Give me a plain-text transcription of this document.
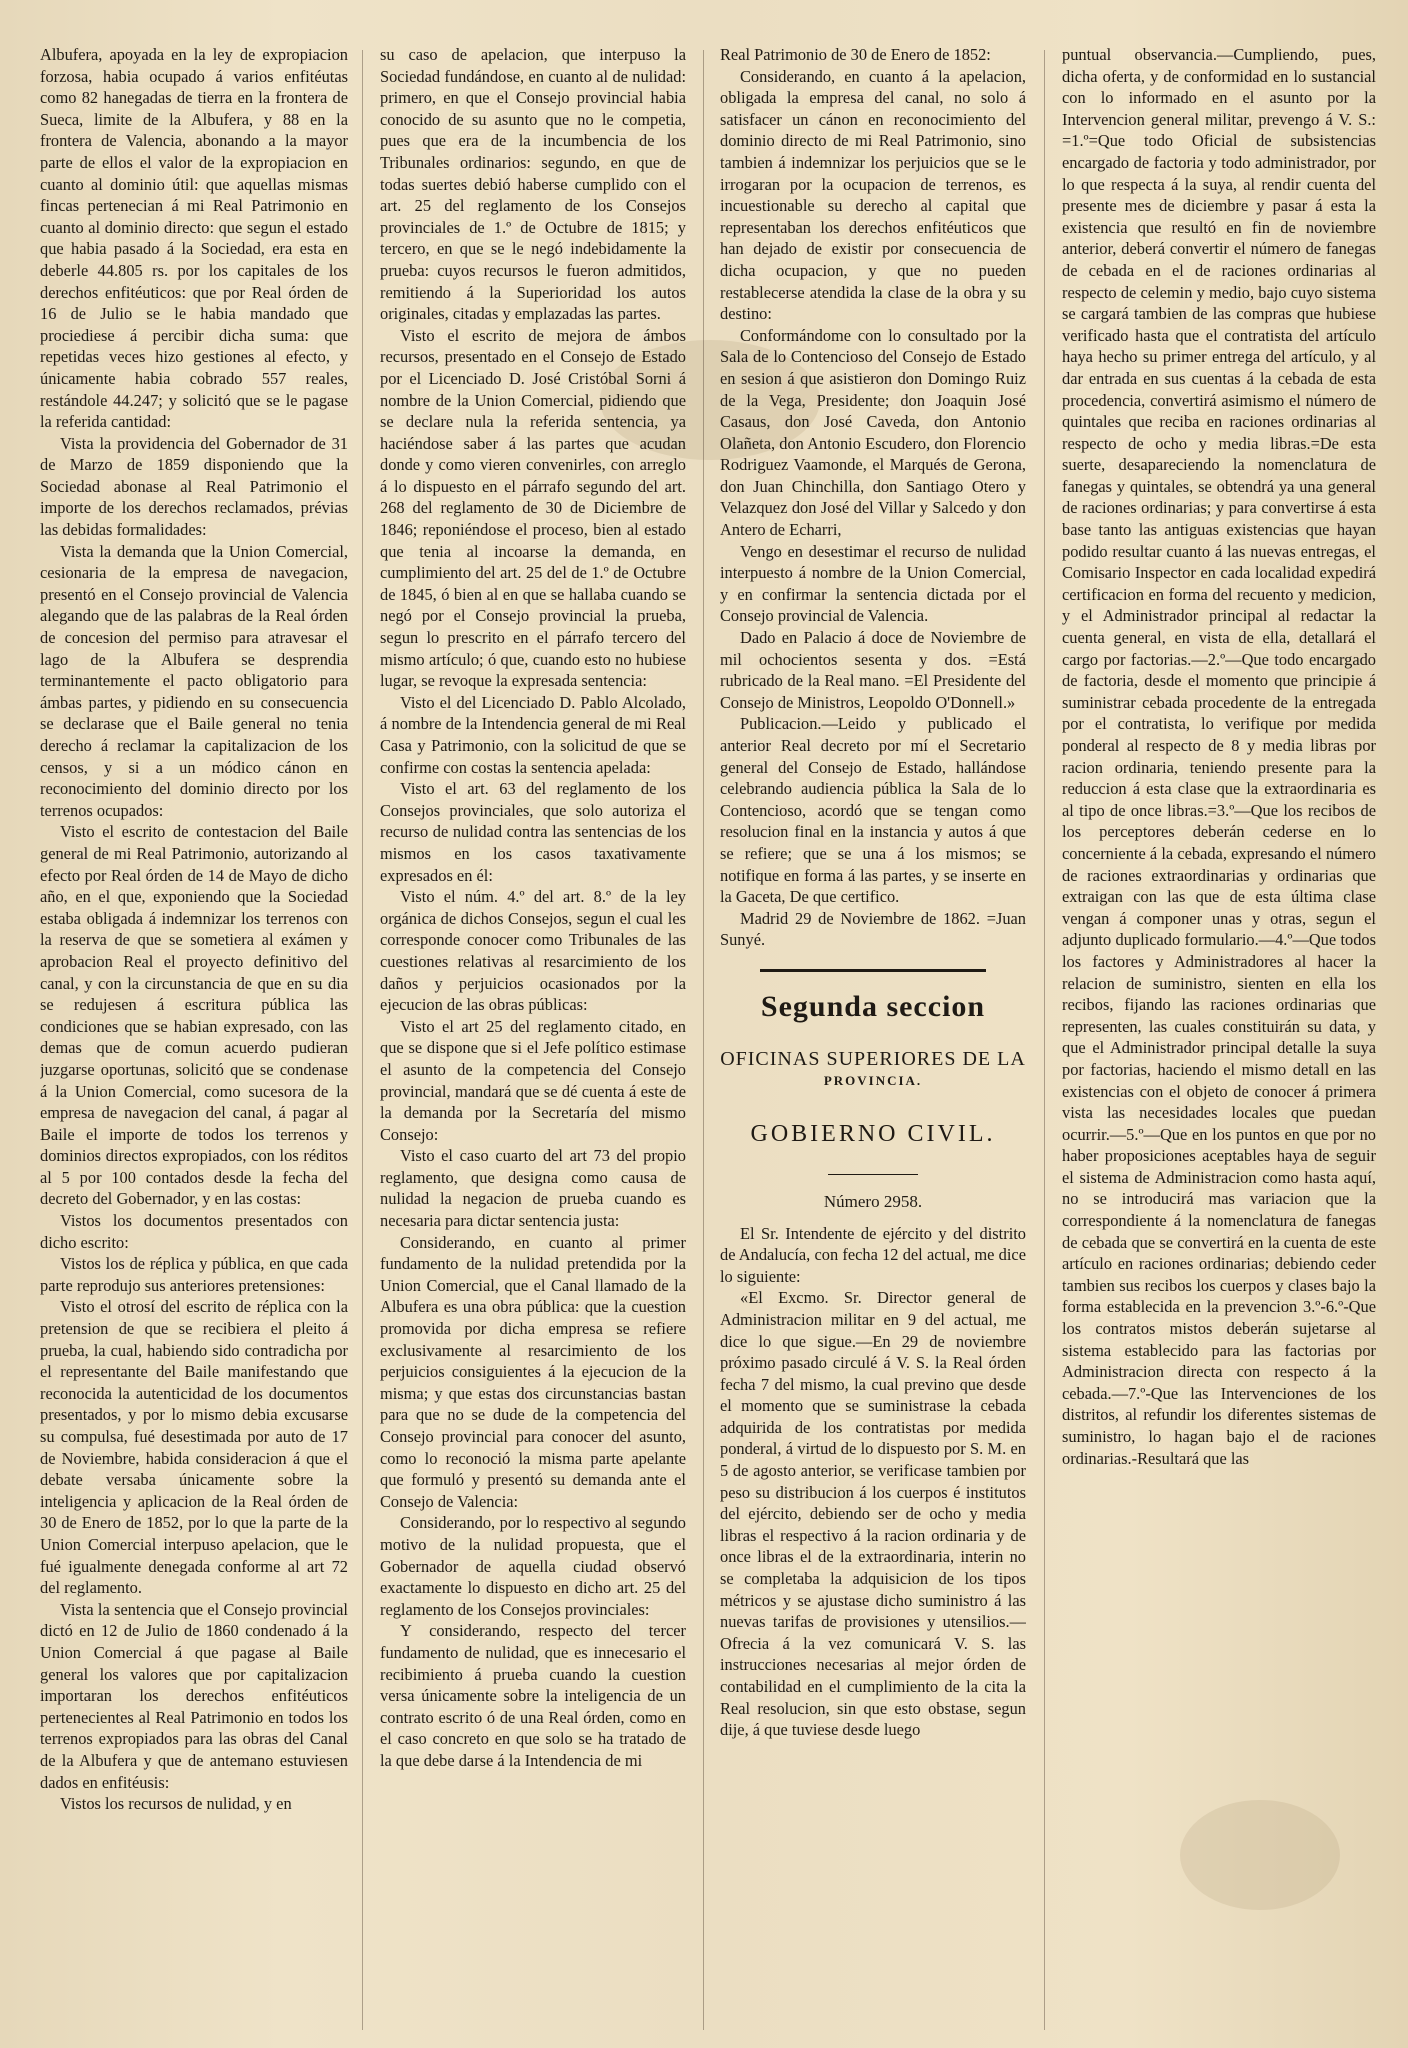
Albufera, apoyada en la ley de expropiacion forzosa, habia ocupado á varios enfitéutas como 82 hanegadas de tierra en la frontera de Sueca, limite de la Albufera, y 88 en la frontera de Valencia, abonando a la mayor parte de ellos el valor de la expropiacion en cuanto al dominio útil: que aquellas mismas fincas pertenecian á mi Real Patrimonio en cuanto al dominio directo: que segun el estado que habia pasado á la Sociedad, era esta en deberle 44.805 rs. por los capitales de los derechos enfitéuticos: que por Real órden de 16 de Julio se le habia mandado que prociediese á percibir dicha suma: que repetidas veces hizo gestiones al efecto, y únicamente habia cobrado 557 reales, restándole 44.247; y solicitó que se le pagase la referida cantidad:

Vista la providencia del Gobernador de 31 de Marzo de 1859 disponiendo que la Sociedad abonase al Real Patrimonio el importe de los derechos reclamados, prévias las debidas formalidades:

Vista la demanda que la Union Comercial, cesionaria de la empresa de navegacion, presentó en el Consejo provincial de Valencia alegando que de las palabras de la Real órden de concesion del permiso para atravesar el lago de la Albufera se desprendia terminantemente el pacto obligatorio para ámbas partes, y pidiendo en su consecuencia se declarase que el Baile general no tenia derecho á reclamar la capitalizacion de los censos, y si a un módico cánon en reconocimiento del dominio directo por los terrenos ocupados:

Visto el escrito de contestacion del Baile general de mi Real Patrimonio, autorizando al efecto por Real órden de 14 de Mayo de dicho año, en el que, exponiendo que la Sociedad estaba obligada á indemnizar los terrenos con la reserva de que se sometiera al exámen y aprobacion Real el proyecto definitivo del canal, y con la circunstancia de que en su dia se redujesen á escritura pública las condiciones que se habian expresado, con las demas que de comun acuerdo pudieran juzgarse oportunas, solicitó que se condenase á la Union Comercial, como sucesora de la empresa de navegacion del canal, á pagar al Baile el importe de todos los terrenos y dominios directos expropiados, con los réditos al 5 por 100 contados desde la fecha del decreto del Gobernador, y en las costas:

Vistos los documentos presentados con dicho escrito:

Vistos los de réplica y pública, en que cada parte reprodujo sus anteriores pretensiones:

Visto el otrosí del escrito de réplica con la pretension de que se recibiera el pleito á prueba, la cual, habiendo sido contradicha por el representante del Baile manifestando que reconocida la autenticidad de los documentos presentados, y por lo mismo debia excusarse su compulsa, fué desestimada por auto de 17 de Noviembre, habida consideracion á que el debate versaba únicamente sobre la inteligencia y aplicacion de la Real órden de 30 de Enero de 1852, por lo que la parte de la Union Comercial interpuso apelacion, que le fué igualmente denegada conforme al art 72 del reglamento.

Vista la sentencia que el Consejo provincial dictó en 12 de Julio de 1860 condenado á la Union Comercial á que pagase al Baile general los valores que por capitalizacion importaran los derechos enfitéuticos pertenecientes al Real Patrimonio en todos los terrenos expropiados para las obras del Canal de la Albufera y que de antemano estuviesen dados en enfitéusis:

Vistos los recursos de nulidad, y en

su caso de apelacion, que interpuso la Sociedad fundándose, en cuanto al de nulidad: primero, en que el Consejo provincial habia conocido de su asunto que no le competia, pues que era de la incumbencia de los Tribunales ordinarios: segundo, en que de todas suertes debió haberse cumplido con el art. 25 del reglamento de los Consejos provinciales de 1.º de Octubre de 1815; y tercero, en que se le negó indebidamente la prueba: cuyos recursos le fueron admitidos, remitiendo á la Superioridad los autos originales, citadas y emplazadas las partes.

Visto el escrito de mejora de ámbos recursos, presentado en el Consejo de Estado por el Licenciado D. José Cristóbal Sorni á nombre de la Union Comercial, pidiendo que se declare nula la referida sentencia, ya haciéndose saber á las partes que acudan donde y como vieren convenirles, con arreglo á lo dispuesto en el párrafo segundo del art. 268 del reglamento de 30 de Diciembre de 1846; reponiéndose el proceso, bien al estado que tenia al incoarse la demanda, en cumplimiento del art. 25 del de 1.º de Octubre de 1845, ó bien al en que se hallaba cuando se negó por el Consejo provincial la prueba, segun lo prescrito en el párrafo tercero del mismo artículo; ó que, cuando esto no hubiese lugar, se revoque la expresada sentencia:

Visto el del Licenciado D. Pablo Alcolado, á nombre de la Intendencia general de mi Real Casa y Patrimonio, con la solicitud de que se confirme con costas la sentencia apelada:

Visto el art. 63 del reglamento de los Consejos provinciales, que solo autoriza el recurso de nulidad contra las sentencias de los mismos en los casos taxativamente expresados en él:

Visto el núm. 4.º del art. 8.º de la ley orgánica de dichos Consejos, segun el cual les corresponde conocer como Tribunales de las cuestiones relativas al resarcimiento de los daños y perjuicios ocasionados por la ejecucion de las obras públicas:

Visto el art 25 del reglamento citado, en que se dispone que si el Jefe político estimase el asunto de la competencia del Consejo provincial, mandará que se dé cuenta á este de la demanda por la Secretaría del mismo Consejo:

Visto el caso cuarto del art 73 del propio reglamento, que designa como causa de nulidad la negacion de prueba cuando es necesaria para dictar sentencia justa:

Considerando, en cuanto al primer fundamento de la nulidad pretendida por la Union Comercial, que el Canal llamado de la Albufera es una obra pública: que la cuestion promovida por dicha empresa se refiere exclusivamente al resarcimiento de los perjuicios consiguientes á la ejecucion de la misma; y que estas dos circunstancias bastan para que no se dude de la competencia del Consejo provincial para conocer del asunto, como lo reconoció la misma parte apelante que formuló y presentó su demanda ante el Consejo de Valencia:

Considerando, por lo respectivo al segundo motivo de la nulidad propuesta, que el Gobernador de aquella ciudad observó exactamente lo dispuesto en dicho art. 25 del reglamento de los Consejos provinciales:

Y considerando, respecto del tercer fundamento de nulidad, que es innecesario el recibimiento á prueba cuando la cuestion versa únicamente sobre la inteligencia de un contrato escrito ó de una Real órden, como en el caso concreto en que solo se ha tratado de la que debe darse á la Intendencia de mi

Real Patrimonio de 30 de Enero de 1852:

Considerando, en cuanto á la apelacion, obligada la empresa del canal, no solo á satisfacer un cánon en reconocimiento del dominio directo de mi Real Patrimonio, sino tambien á indemnizar los perjuicios que se le irrogaran por la ocupacion de terrenos, es incuestionable su derecho al capital que representaban los derechos enfitéuticos que han dejado de existir por consecuencia de dicha ocupacion, y que no pueden restablecerse atendida la clase de la obra y su destino:

Conformándome con lo consultado por la Sala de lo Contencioso del Consejo de Estado en sesion á que asistieron don Domingo Ruiz de la Vega, Presidente; don Joaquin José Casaus, don José Caveda, don Antonio Olañeta, don Antonio Escudero, don Florencio Rodriguez Vaamonde, el Marqués de Gerona, don Juan Chinchilla, don Santiago Otero y Velazquez don José del Villar y Salcedo y don Antero de Echarri,

Vengo en desestimar el recurso de nulidad interpuesto á nombre de la Union Comercial, y en confirmar la sentencia dictada por el Consejo provincial de Valencia.

Dado en Palacio á doce de Noviembre de mil ochocientos sesenta y dos. =Está rubricado de la Real mano. =El Presidente del Consejo de Ministros, Leopoldo O'Donnell.»

Publicacion.—Leido y publicado el anterior Real decreto por mí el Secretario general del Consejo de Estado, hallándose celebrando audiencia pública la Sala de lo Contencioso, acordó que se tengan como resolucion final en la instancia y autos á que se refiere; que se una á los mismos; se notifique en forma á las partes, y se inserte en la Gaceta, De que certifico.

Madrid 29 de Noviembre de 1862. =Juan Sunyé.

Segunda seccion
OFICINAS SUPERIORES DE LA
PROVINCIA.
GOBIERNO CIVIL.
Número 2958.

El Sr. Intendente de ejército y del distrito de Andalucía, con fecha 12 del actual, me dice lo siguiente:

«El Excmo. Sr. Director general de Administracion militar en 9 del actual, me dice lo que sigue.—En 29 de noviembre próximo pasado circulé á V. S. la Real órden fecha 7 del mismo, la cual previno que desde el momento que se suministrase la cebada adquirida de los contratistas por medida ponderal, á virtud de lo dispuesto por S. M. en 5 de agosto anterior, se verificase tambien por peso su distribucion á los cuerpos é institutos del ejército, debiendo ser de ocho y media libras el respectivo á la racion ordinaria y de once libras el de la extraordinaria, interin no se completaba la adquisicion de los tipos métricos y se ajustase dicho suministro á las nuevas tarifas de provisiones y utensilios.—Ofrecia á la vez comunicará V. S. las instrucciones necesarias al mejor órden de contabilidad en el cumplimiento de la cita la Real resolucion, sin que esto obstase, segun dije, á que tuviese desde luego

puntual observancia.—Cumpliendo, pues, dicha oferta, y de conformidad en lo sustancial con lo informado en el asunto por la Intervencion general militar, prevengo á V. S.: =1.º=Que todo Oficial de subsistencias encargado de factoria y todo administrador, por lo que respecta á la suya, al rendir cuenta del presente mes de diciembre y pasar á esta la existencia que resultó en fin de noviembre anterior, deberá convertir el número de fanegas de cebada en el de raciones ordinarias al respecto de celemin y medio, bajo cuyo sistema se cargará tambien de las compras que hubiese verificado hasta que el contratista del artículo haya hecho su primer entrega del artículo, y al dar entrada en sus cuentas á la cebada de esta procedencia, convertirá asimismo el número de quintales que reciba en raciones ordinarias al respecto de ocho y media libras.=De esta suerte, desapareciendo la nomenclatura de fanegas y quintales, se obtendrá ya una general de raciones ordinarias; y para convertirse á esta base tanto las antiguas existencias que hayan podido resultar cuanto á las nuevas entregas, el Comisario Inspector en cada localidad expedirá certificacion en forma del recuento y medicion, y el Administrador principal al redactar la cuenta general, en vista de ella, detallará el cargo por factorias.—2.º—Que todo encargado de factoria, desde el momento que principie á suministrar cebada procedente de la entregada por el contratista, lo verifique por medida ponderal al respecto de 8 y media libras por racion ordinaria, teniendo presente para la reduccion á esta clase que la extraordinaria es al tipo de once libras.=3.º—Que los recibos de los perceptores deberán cederse en lo concerniente á la cebada, expresando el número de raciones extraordinarias y ordinarias que extraigan con las que de esta última clase vengan á componer unas y otras, segun el adjunto duplicado formulario.—4.º—Que todos los factores y Administradores al hacer la relacion de suministro, sienten en ella los recibos, fijando las raciones ordinarias que representen, las cuales constituirán su data, y que el Administrador principal detalle la suya por factorias, haciendo el mismo detall en las existencias con el objeto de conocer á primera vista las necesidades locales que puedan ocurrir.—5.º—Que en los puntos en que por no haber proposiciones aceptables haya de seguir el sistema de Administracion como hasta aquí, no se introducirá mas variacion que la correspondiente á la nomenclatura de fanegas de cebada que se convertirá en la cuenta de este artículo en raciones ordinarias; debiendo ceder tambien sus recibos los cuerpos y clases bajo la forma establecida en la prevencion 3.º-6.º-Que los contratos mistos deberán sujetarse al sistema establecido para las factorias por Administracion directa con respecto á la cebada.—7.º-Que las Intervenciones de los distritos, al refundir los diferentes sistemas de suministro, lo hagan bajo el de raciones ordinarias.-Resultará que las
